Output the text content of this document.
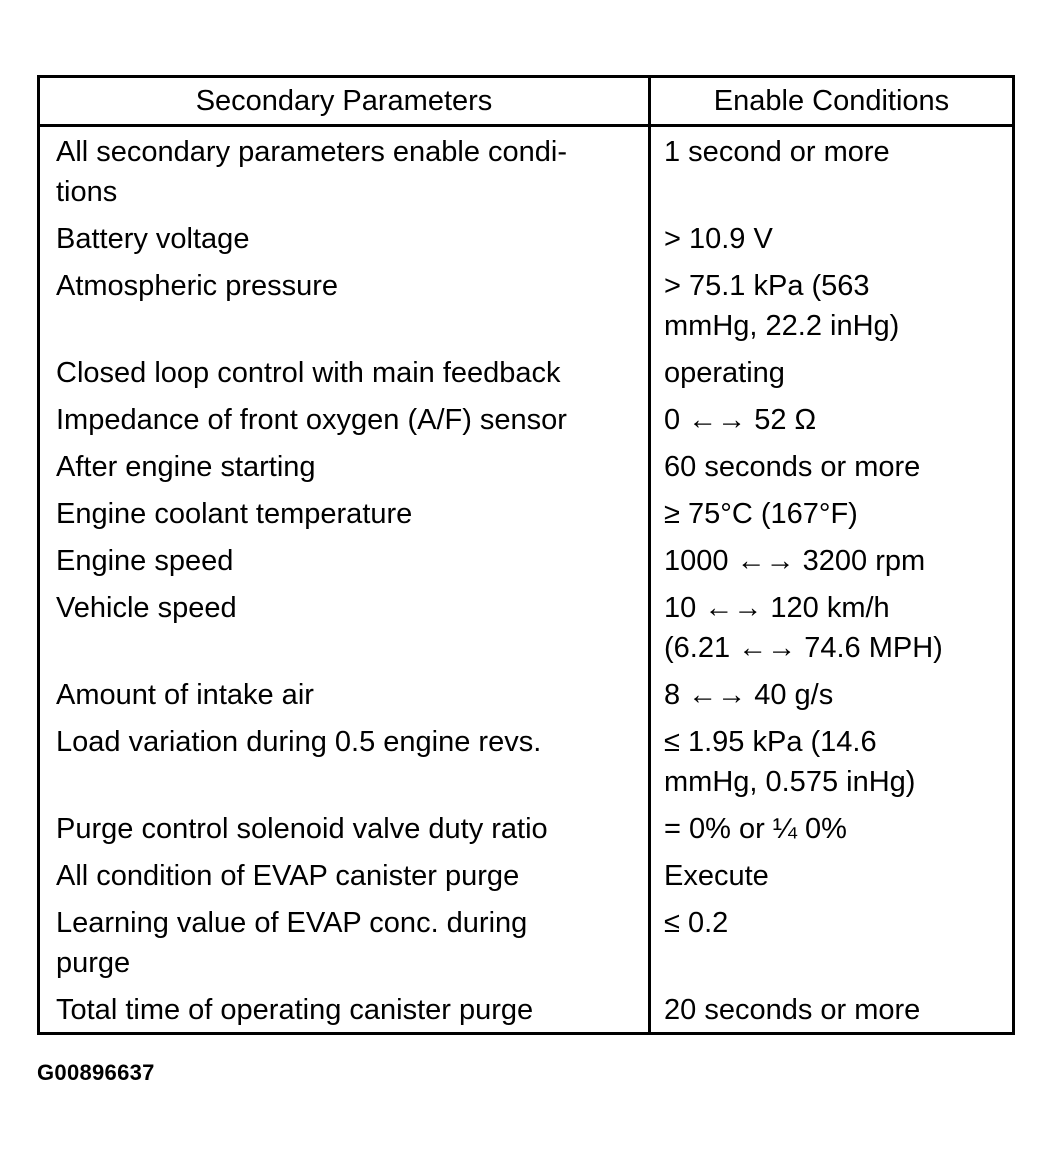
Secondary Parameters	Enable Conditions
All secondary parameters enable condi-
tions	1 second or more
Battery voltage	> 10.9 V
Atmospheric pressure	> 75.1 kPa (563
mmHg, 22.2 inHg)
Closed loop control with main feedback	operating
Impedance of front oxygen (A/F) sensor	0 ←→ 52 Ω
After engine starting	60 seconds or more
Engine coolant temperature	≥ 75°C (167°F)
Engine speed	1000 ←→ 3200 rpm
Vehicle speed	10 ←→ 120 km/h
(6.21 ←→ 74.6 MPH)
Amount of intake air	8 ←→ 40 g/s
Load variation during 0.5 engine revs.	≤ 1.95 kPa (14.6
mmHg, 0.575 inHg)
Purge control solenoid valve duty ratio	= 0% or ¼ 0%
All condition of EVAP canister purge	Execute
Learning value of EVAP conc. during
purge	≤ 0.2
Total time of operating canister purge	20 seconds or more
G00896637
